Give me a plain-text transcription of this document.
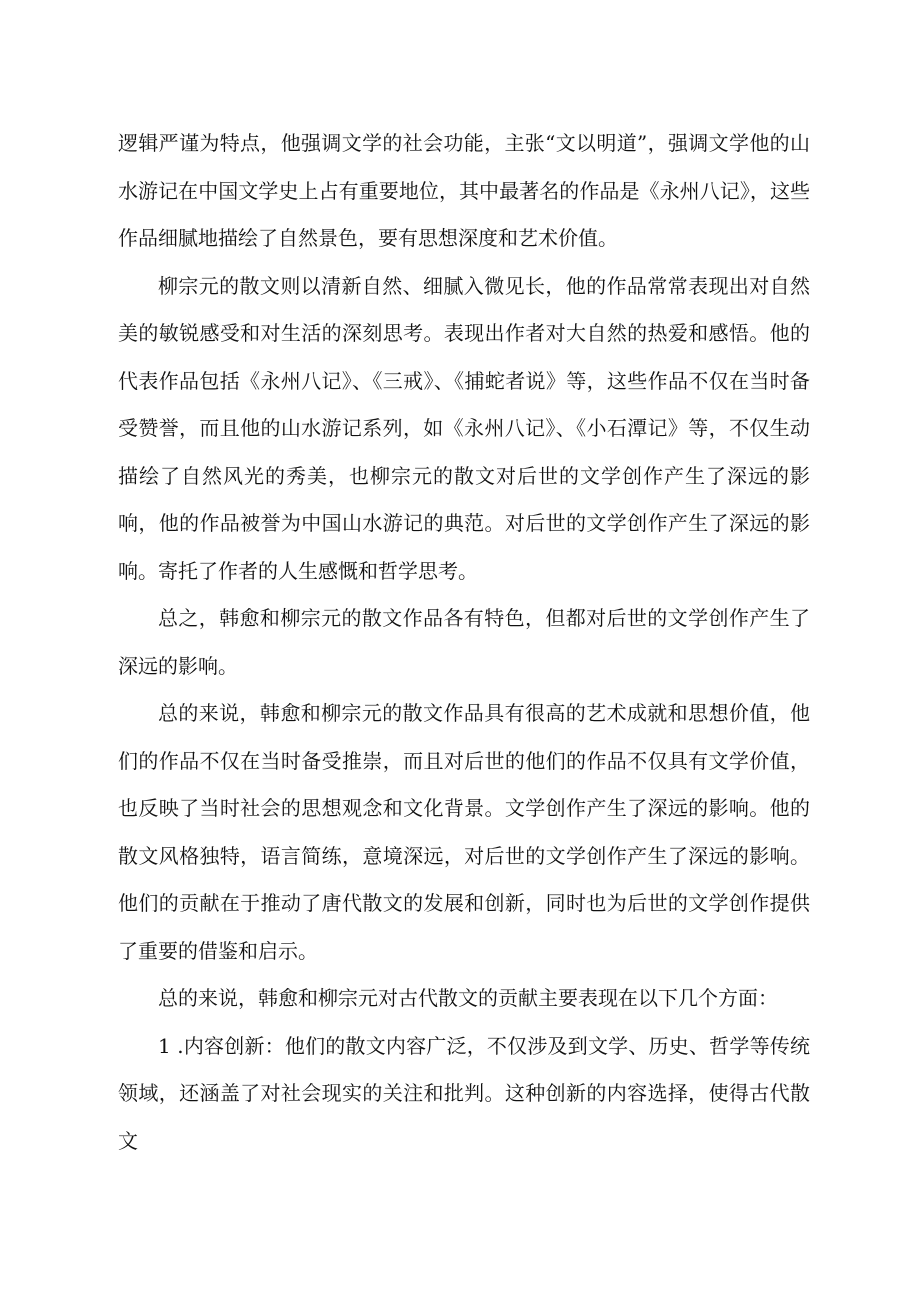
逻辑严谨为特点，他强调文学的社会功能，主张“文以明道”，强调文学他的山水游记在中国文学史上占有重要地位，其中最著名的作品是《永州八记》，这些作品细腻地描绘了自然景色，要有思想深度和艺术价值。

柳宗元的散文则以清新自然、细腻入微见长，他的作品常常表现出对自然美的敏锐感受和对生活的深刻思考。表现出作者对大自然的热爱和感悟。他的代表作品包括《永州八记》、《三戒》、《捕蛇者说》等，这些作品不仅在当时备受赞誉，而且他的山水游记系列，如《永州八记》、《小石潭记》等，不仅生动描绘了自然风光的秀美，也柳宗元的散文对后世的文学创作产生了深远的影响，他的作品被誉为中国山水游记的典范。对后世的文学创作产生了深远的影响。寄托了作者的人生感慨和哲学思考。

总之，韩愈和柳宗元的散文作品各有特色，但都对后世的文学创作产生了深远的影响。

总的来说，韩愈和柳宗元的散文作品具有很高的艺术成就和思想价值，他们的作品不仅在当时备受推崇，而且对后世的他们的作品不仅具有文学价值，也反映了当时社会的思想观念和文化背景。文学创作产生了深远的影响。他的散文风格独特，语言简练，意境深远，对后世的文学创作产生了深远的影响。他们的贡献在于推动了唐代散文的发展和创新，同时也为后世的文学创作提供了重要的借鉴和启示。

总的来说，韩愈和柳宗元对古代散文的贡献主要表现在以下几个方面：

1 .内容创新：他们的散文内容广泛，不仅涉及到文学、历史、哲学等传统领域，还涵盖了对社会现实的关注和批判。这种创新的内容选择，使得古代散文
